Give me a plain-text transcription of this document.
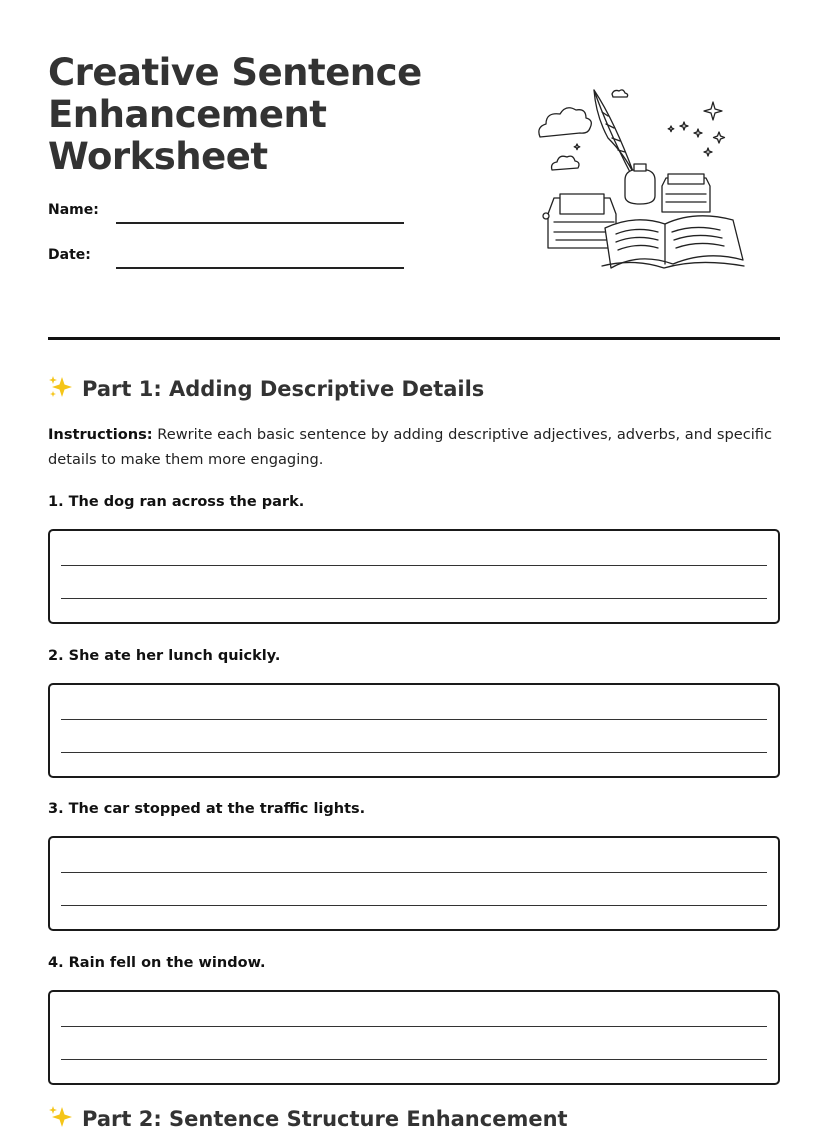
Creative Sentence
Enhancement
Worksheet
Name:
Date:
Part 1: Adding Descriptive Details
Instructions: Rewrite each basic sentence by adding descriptive adjectives, adverbs, and specific details to make them more engaging.
1. The dog ran across the park.
2. She ate her lunch quickly.
3. The car stopped at the traffic lights.
4. Rain fell on the window.
Part 2: Sentence Structure Enhancement
